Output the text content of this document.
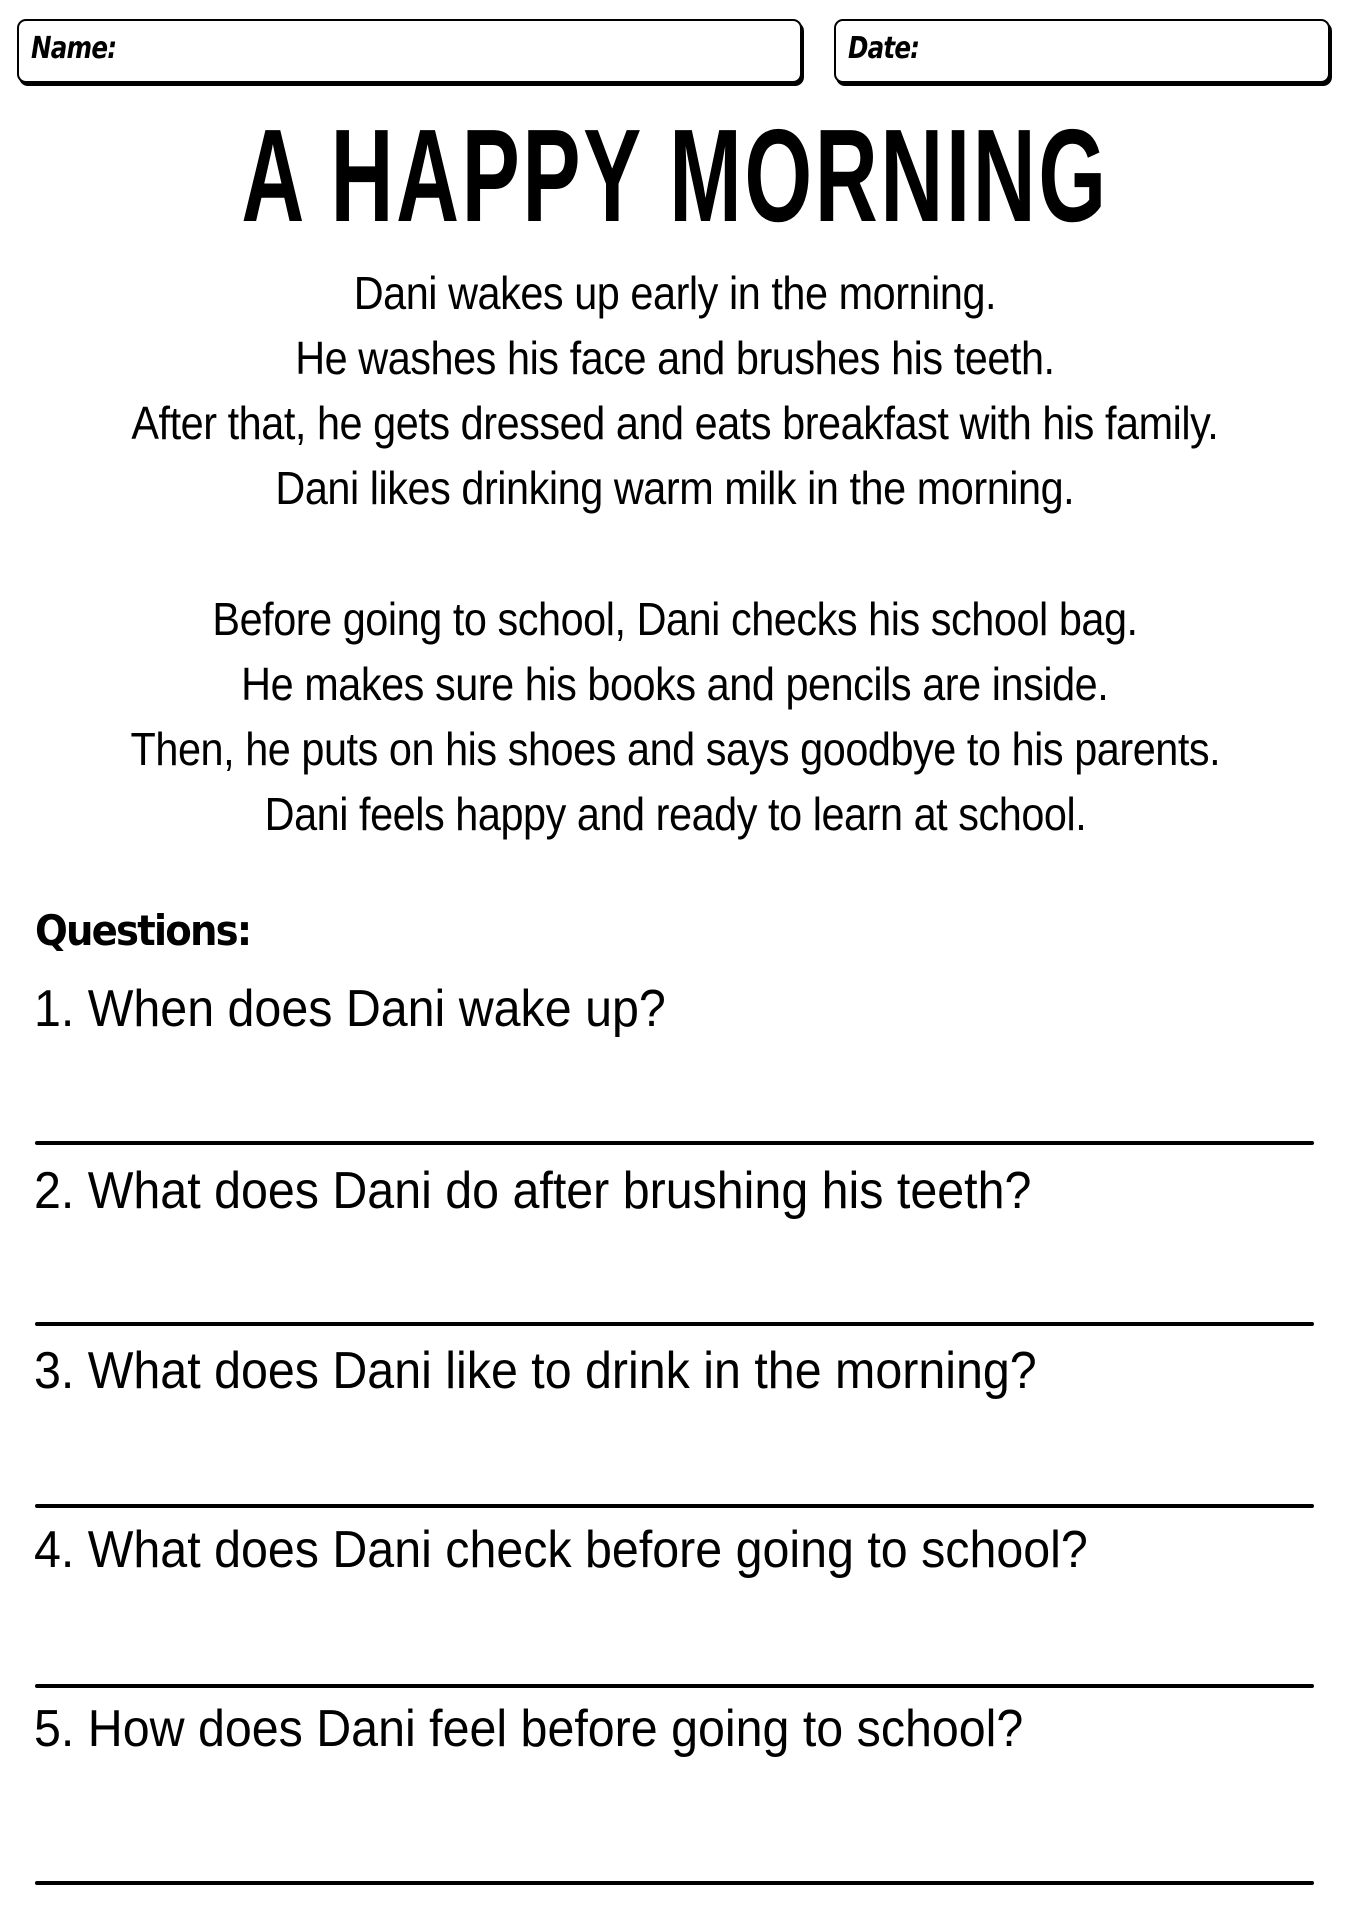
Name:	Date:
A HAPPY MORNING
Dani wakes up early in the morning.
He washes his face and brushes his teeth.
After that, he gets dressed and eats breakfast with his family.
Dani likes drinking warm milk in the morning.
Before going to school, Dani checks his school bag.
He makes sure his books and pencils are inside.
Then, he puts on his shoes and says goodbye to his parents.
Dani feels happy and ready to learn at school.
Questions:
1. When does Dani wake up?
2. What does Dani do after brushing his teeth?
3. What does Dani like to drink in the morning?
4. What does Dani check before going to school?
5. How does Dani feel before going to school?
